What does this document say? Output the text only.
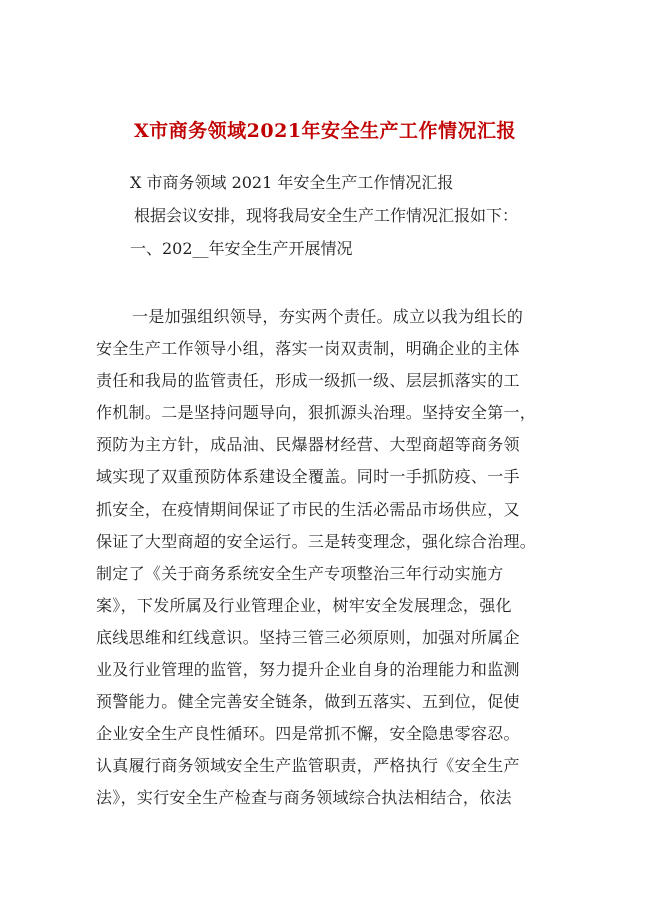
X市商务领域2021年安全生产工作情况汇报
X 市商务领域 2021 年安全生产工作情况汇报
根据会议安排，现将我局安全生产工作情况汇报如下：
一、202__年安全生产开展情况
一是加强组织领导，夯实两个责任。成立以我为组长的
安全生产工作领导小组，落实一岗双责制，明确企业的主体
责任和我局的监管责任，形成一级抓一级、层层抓落实的工
作机制。二是坚持问题导向，狠抓源头治理。坚持安全第一，
预防为主方针，成品油、民爆器材经营、大型商超等商务领
域实现了双重预防体系建设全覆盖。同时一手抓防疫、一手
抓安全，在疫情期间保证了市民的生活必需品市场供应，又
保证了大型商超的安全运行。三是转变理念，强化综合治理。
制定了《关于商务系统安全生产专项整治三年行动实施方
案》，下发所属及行业管理企业，树牢安全发展理念，强化
底线思维和红线意识。坚持三管三必须原则，加强对所属企
业及行业管理的监管，努力提升企业自身的治理能力和监测
预警能力。健全完善安全链条，做到五落实、五到位，促使
企业安全生产良性循环。四是常抓不懈，安全隐患零容忍。
认真履行商务领域安全生产监管职责，严格执行《安全生产
法》，实行安全生产检查与商务领域综合执法相结合，依法
